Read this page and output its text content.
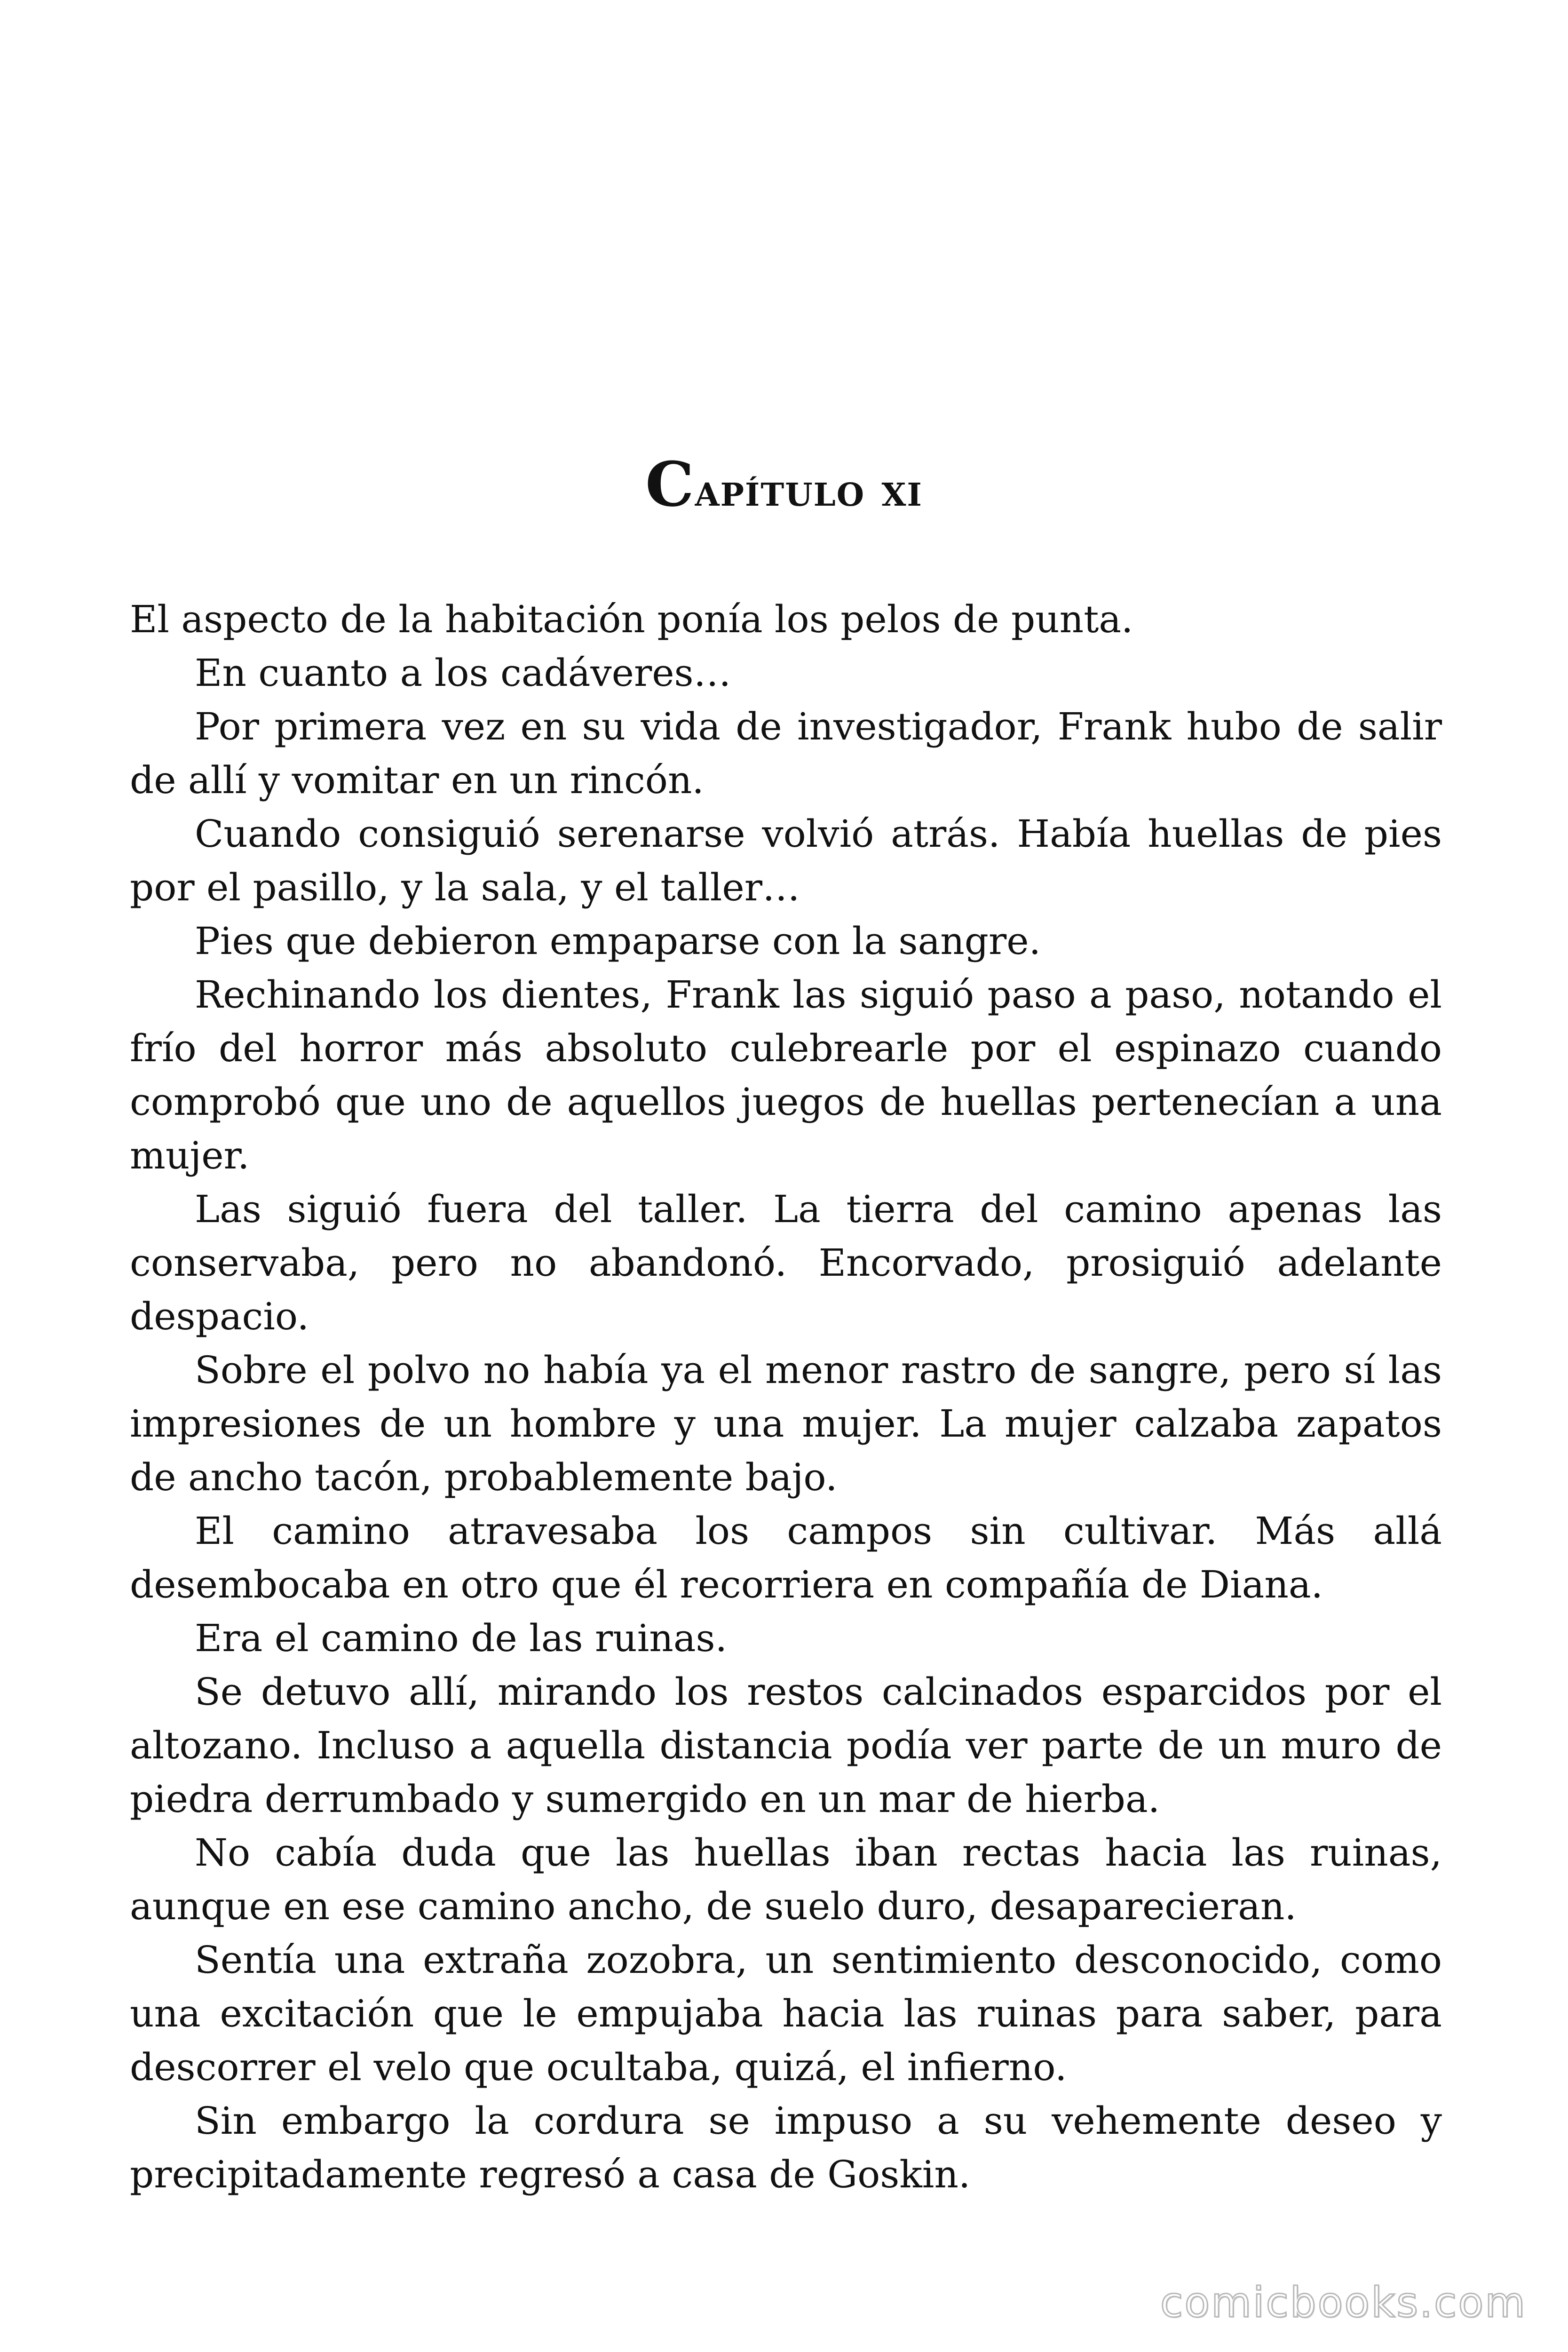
Capítulo xi

El aspecto de la habitación ponía los pelos de punta.

En cuanto a los cadáveres…

Por primera vez en su vida de investigador, Frank hubo de salir de allí y vomitar en un rincón.

Cuando consiguió serenarse volvió atrás. Había huellas de pies por el pasillo, y la sala, y el taller…

Pies que debieron empaparse con la sangre.

Rechinando los dientes, Frank las siguió paso a paso, notando el frío del horror más absoluto culebrearle por el espinazo cuando comprobó que uno de aquellos juegos de huellas pertenecían a una mujer.

Las siguió fuera del taller. La tierra del camino apenas las conservaba, pero no abandonó. Encorvado, prosiguió adelante despacio.

Sobre el polvo no había ya el menor rastro de sangre, pero sí las impresiones de un hombre y una mujer. La mujer calzaba zapatos de ancho tacón, probablemente bajo.

El camino atravesaba los campos sin cultivar. Más allá desembocaba en otro que él recorriera en compañía de Diana.

Era el camino de las ruinas.

Se detuvo allí, mirando los restos calcinados esparcidos por el altozano. Incluso a aquella distancia podía ver parte de un muro de piedra derrumbado y sumergido en un mar de hierba.

No cabía duda que las huellas iban rectas hacia las ruinas, aunque en ese camino ancho, de suelo duro, desaparecieran.

Sentía una extraña zozobra, un sentimiento desconocido, como una excitación que le empujaba hacia las ruinas para saber, para descorrer el velo que ocultaba, quizá, el infierno.

Sin embargo la cordura se impuso a su vehemente deseo y precipitadamente regresó a casa de Goskin.

comicbooks.com
